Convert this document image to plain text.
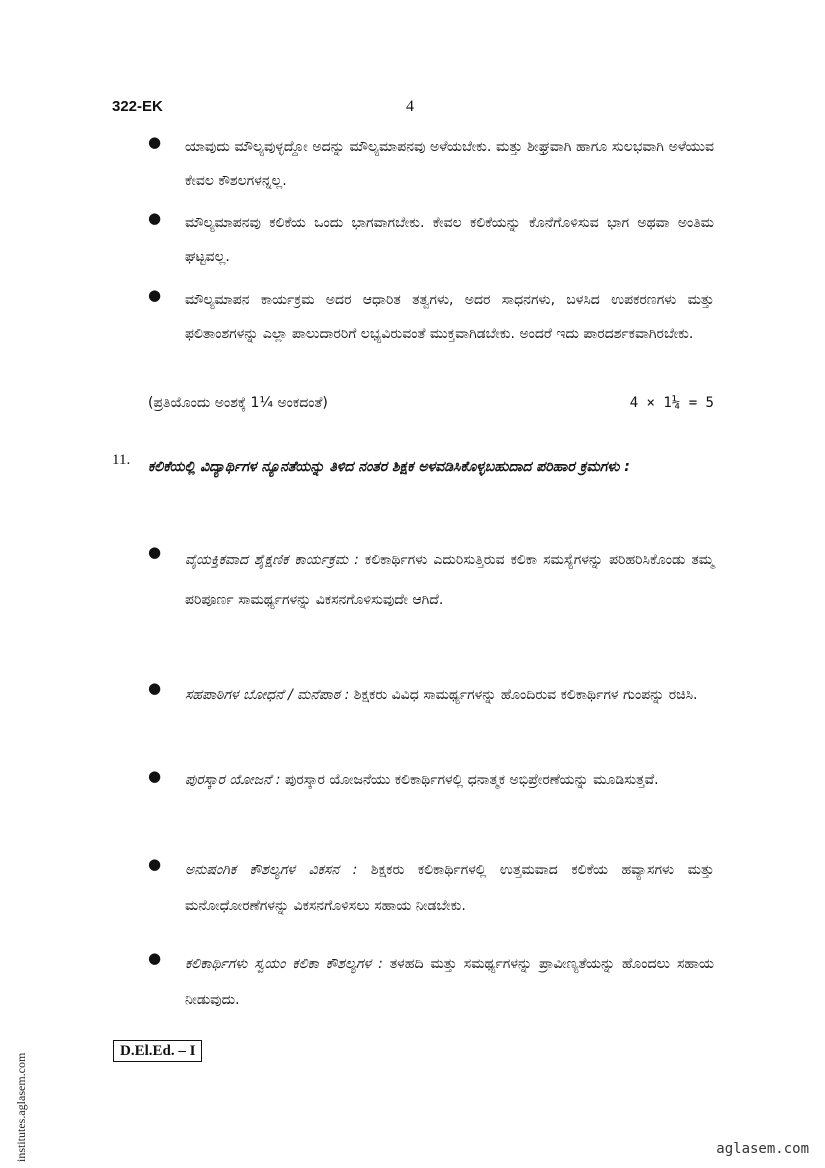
322-EK	4
● ಯಾವುದು ಮೌಲ್ಯವುಳ್ಳದ್ದೋ ಅದನ್ನು ಮೌಲ್ಯಮಾಪನವು ಅಳೆಯಬೇಕು. ಮತ್ತು ಶೀಘ್ರವಾಗಿ ಹಾಗೂ ಸುಲಭವಾಗಿ ಅಳೆಯುವ ಕೇವಲ ಕೌಶಲಗಳನ್ನಲ್ಲ.
● ಮೌಲ್ಯಮಾಪನವು ಕಲಿಕೆಯ ಒಂದು ಭಾಗವಾಗಬೇಕು. ಕೇವಲ ಕಲಿಕೆಯನ್ನು ಕೊನೆಗೊಳಿಸುವ ಭಾಗ ಅಥವಾ ಅಂತಿಮ ಘಟ್ಟವಲ್ಲ.
● ಮೌಲ್ಯಮಾಪನ ಕಾರ್ಯಕ್ರಮ ಅದರ ಆಧಾರಿತ ತತ್ವಗಳು, ಅದರ ಸಾಧನಗಳು, ಬಳಸಿದ ಉಪಕರಣಗಳು ಮತ್ತು ಫಲಿತಾಂಶಗಳನ್ನು ಎಲ್ಲಾ ಪಾಲುದಾರರಿಗೆ ಲಭ್ಯವಿರುವಂತೆ ಮುಕ್ತವಾಗಿಡಬೇಕು. ಅಂದರೆ ಇದು ಪಾರದರ್ಶಕವಾಗಿರಬೇಕು.
(ಪ್ರತಿಯೊಂದು ಅಂಶಕ್ಕೆ 1¼ ಅಂಕದಂತೆ)	4 × 1¼ = 5
11. ಕಲಿಕೆಯಲ್ಲಿ ವಿದ್ಯಾರ್ಥಿಗಳ ನ್ಯೂನತೆಯನ್ನು ತಿಳಿದ ನಂತರ ಶಿಕ್ಷಕ ಅಳವಡಿಸಿಕೊಳ್ಳಬಹುದಾದ ಪರಿಹಾರ ಕ್ರಮಗಳು :
● ವೈಯಕ್ತಿಕವಾದ ಶೈಕ್ಷಣಿಕ ಕಾರ್ಯಕ್ರಮ : ಕಲಿಕಾರ್ಥಿಗಳು ಎದುರಿಸುತ್ತಿರುವ ಕಲಿಕಾ ಸಮಸ್ಯೆಗಳನ್ನು ಪರಿಹರಿಸಿಕೊಂಡು ತಮ್ಮ ಪರಿಪೂರ್ಣ ಸಾಮರ್ಥ್ಯಗಳನ್ನು ವಿಕಸನಗೊಳಿಸುವುದೇ ಆಗಿದೆ.
● ಸಹಪಾಠಿಗಳ ಬೋಧನೆ / ಮನೆಪಾಠ : ಶಿಕ್ಷಕರು ವಿವಿಧ ಸಾಮರ್ಥ್ಯಗಳನ್ನು ಹೊಂದಿರುವ ಕಲಿಕಾರ್ಥಿಗಳ ಗುಂಪನ್ನು ರಚಿಸಿ.
● ಪುರಸ್ಕಾರ ಯೋಜನೆ : ಪುರಸ್ಕಾರ ಯೋಜನೆಯು ಕಲಿಕಾರ್ಥಿಗಳಲ್ಲಿ ಧನಾತ್ಮಕ ಅಭಿಪ್ರೇರಣೆಯನ್ನು ಮೂಡಿಸುತ್ತವೆ.
● ಅನುಷಂಗಿಕ ಕೌಶಲ್ಯಗಳ ವಿಕಸನ : ಶಿಕ್ಷಕರು ಕಲಿಕಾರ್ಥಿಗಳಲ್ಲಿ ಉತ್ತಮವಾದ ಕಲಿಕೆಯ ಹವ್ಯಾಸಗಳು ಮತ್ತು ಮನೋಧೋರಣೆಗಳನ್ನು ವಿಕಸನಗೊಳಿಸಲು ಸಹಾಯ ನೀಡಬೇಕು.
● ಕಲಿಕಾರ್ಥಿಗಳು ಸ್ವಯಂ ಕಲಿಕಾ ಕೌಶಲ್ಯಗಳ : ತಳಹದಿ ಮತ್ತು ಸಮರ್ಥ್ಯಗಳನ್ನು ಪ್ರಾವೀಣ್ಯತೆಯನ್ನು ಹೊಂದಲು ಸಹಾಯ ನೀಡುವುದು.
D.El.Ed. – I
institutes.aglasem.com	aglasem.com
